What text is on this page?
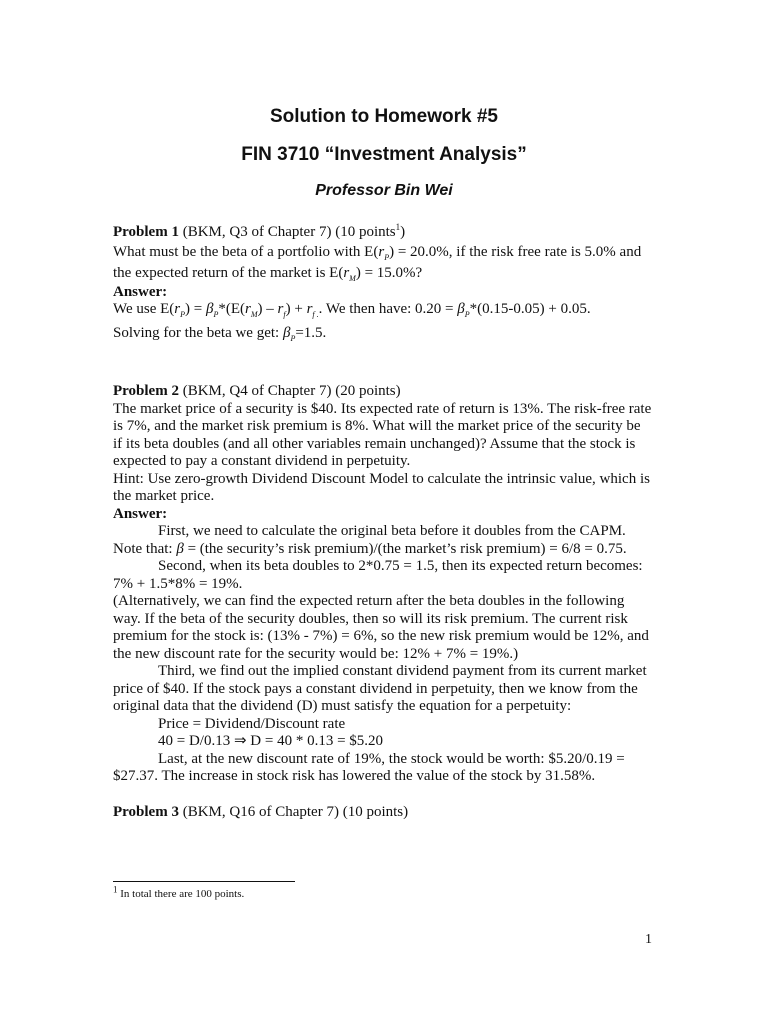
Solution to Homework #5
FIN 3710 “Investment Analysis”
Professor Bin Wei
Problem 1 (BKM, Q3 of Chapter 7) (10 points$^1$)
What must be the beta of a portfolio with $E(r_P) = 20.0\%$, if the risk free rate is 5.0% and
the expected return of the market is $E(r_M) = 15.0\%$?
Answer:
We use $E(r_P) = \beta_P*(E(r_M) - r_f) + r_{f .}$. We then have: $0.20 = \beta_P*(0.15-0.05) + 0.05$.
Solving for the beta we get: $\beta_P=1.5$.
Problem 2 (BKM, Q4 of Chapter 7) (20 points)
The market price of a security is $40. Its expected rate of return is 13%. The risk-free rate
is 7%, and the market risk premium is 8%. What will the market price of the security be
if its beta doubles (and all other variables remain unchanged)? Assume that the stock is
expected to pay a constant dividend in perpetuity.
Hint: Use zero-growth Dividend Discount Model to calculate the intrinsic value, which is
the market price.
Answer:
First, we need to calculate the original beta before it doubles from the CAPM.
Note that: β = (the security’s risk premium)/(the market’s risk premium) = 6/8 = 0.75.
Second, when its beta doubles to 2*0.75 = 1.5, then its expected return becomes:
7% + 1.5*8% = 19%.
(Alternatively, we can find the expected return after the beta doubles in the following
way. If the beta of the security doubles, then so will its risk premium. The current risk
premium for the stock is: (13% - 7%) = 6%, so the new risk premium would be 12%, and
the new discount rate for the security would be: 12% + 7% = 19%.)
Third, we find out the implied constant dividend payment from its current market
price of $40. If the stock pays a constant dividend in perpetuity, then we know from the
original data that the dividend (D) must satisfy the equation for a perpetuity:
Price = Dividend/Discount rate
40 = D/0.13 ⇒ D = 40 * 0.13 = $5.20
Last, at the new discount rate of 19%, the stock would be worth: $5.20/0.19 =
$27.37. The increase in stock risk has lowered the value of the stock by 31.58%.
Problem 3 (BKM, Q16 of Chapter 7) (10 points)
$^1$ In total there are 100 points.
1
